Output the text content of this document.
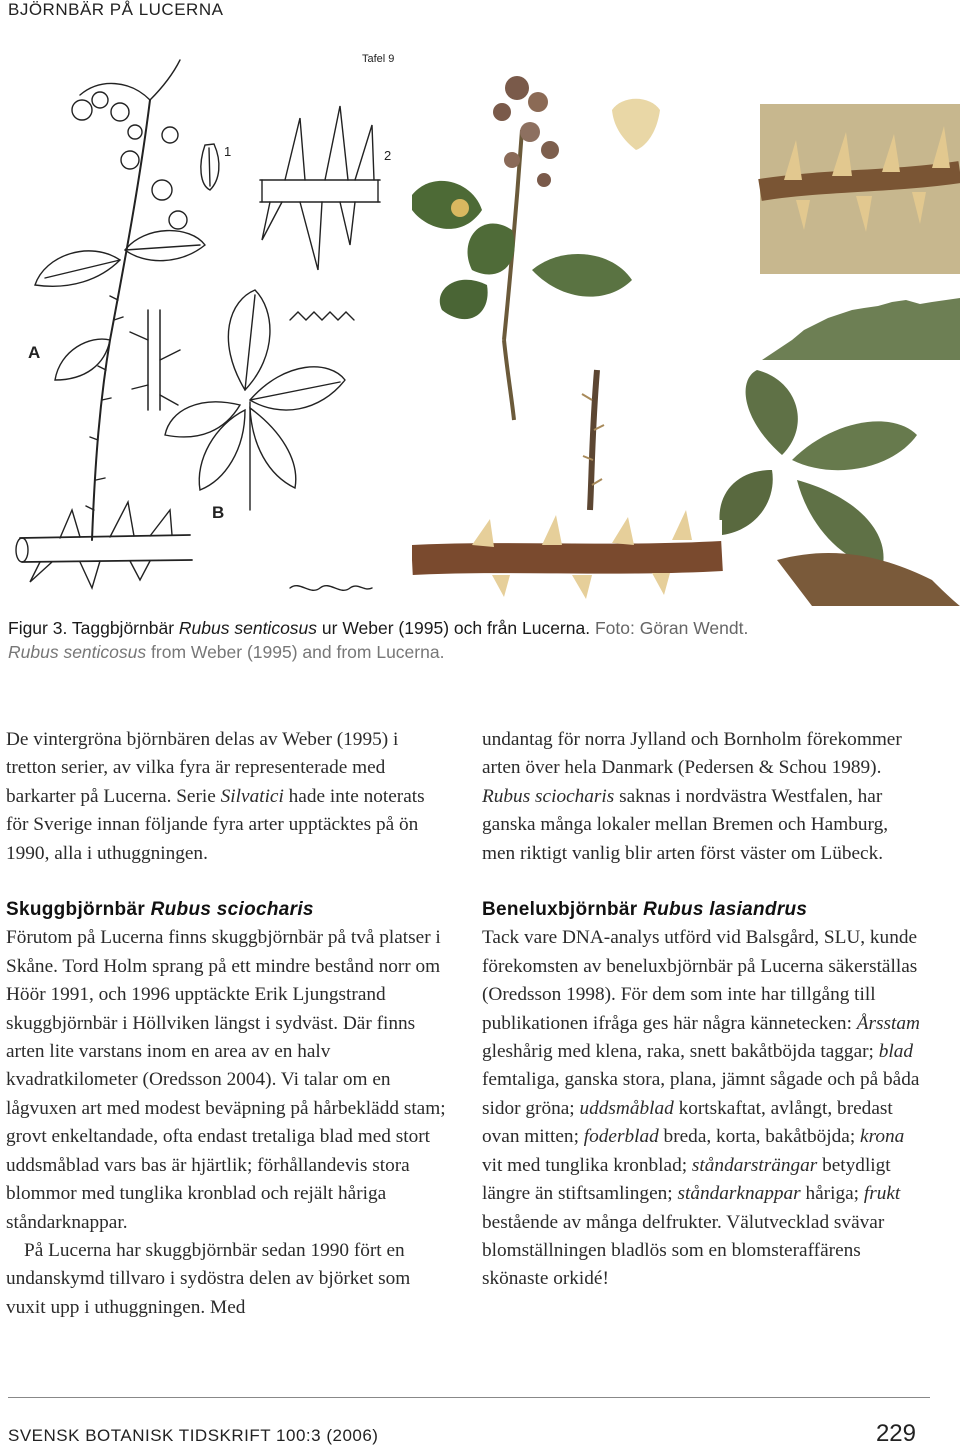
BJÖRNBÄR PÅ LUCERNA
Tafel 9
1	2
A
B
Figur 3. Taggbjörnbär Rubus senticosus ur Weber (1995) och från Lucerna. Foto: Göran Wendt.
Rubus senticosus from Weber (1995) and from Lucerna.

De vintergröna björnbären delas av Weber (1995) i tretton serier, av vilka fyra är representerade med barkarter på Lucerna. Serie Silvatici hade inte noterats för Sverige innan följande fyra arter upptäcktes på ön 1990, alla i uthuggningen.

Skuggbjörnbär Rubus sciocharis

Förutom på Lucerna finns skuggbjörnbär på två platser i Skåne. Tord Holm sprang på ett mindre bestånd norr om Höör 1991, och 1996 upptäckte Erik Ljungstrand skuggbjörnbär i Höllviken längst i sydväst. Där finns arten lite varstans inom en area av en halv kvadratkilometer (Oredsson 2004). Vi talar om en lågvuxen art med modest beväpning på hårbeklädd stam; grovt enkeltandade, ofta endast tretaliga blad med stort uddsmåblad vars bas är hjärtlik; förhållandevis stora blommor med tunglika kronblad och rejält håriga ståndarknappar.

På Lucerna har skuggbjörnbär sedan 1990 fört en undanskymd tillvaro i sydöstra delen av björket som vuxit upp i uthuggningen. Med

undantag för norra Jylland och Bornholm förekommer arten över hela Danmark (Pedersen & Schou 1989). Rubus sciocharis saknas i nordvästra Westfalen, har ganska många lokaler mellan Bremen och Hamburg, men riktigt vanlig blir arten först väster om Lübeck.

Beneluxbjörnbär Rubus lasiandrus

Tack vare DNA-analys utförd vid Balsgård, SLU, kunde förekomsten av beneluxbjörnbär på Lucerna säkerställas (Oredsson 1998). För dem som inte har tillgång till publikationen ifråga ges här några kännetecken: Årsstam gleshårig med klena, raka, snett bakåtböjda taggar; blad femtaliga, ganska stora, plana, jämnt sågade och på båda sidor gröna; uddsmåblad kortskaftat, avlångt, bredast ovan mitten; foderblad breda, korta, bakåtböjda; krona vit med tunglika kronblad; ståndarsträngar betydligt längre än stiftsamlingen; ståndarknappar håriga; frukt bestående av många delfrukter. Välutvecklad svävar blomställningen bladlös som en blomsteraffärens skönaste orkidé!

SVENSK BOTANISK TIDSKRIFT 100:3 (2006)	229
